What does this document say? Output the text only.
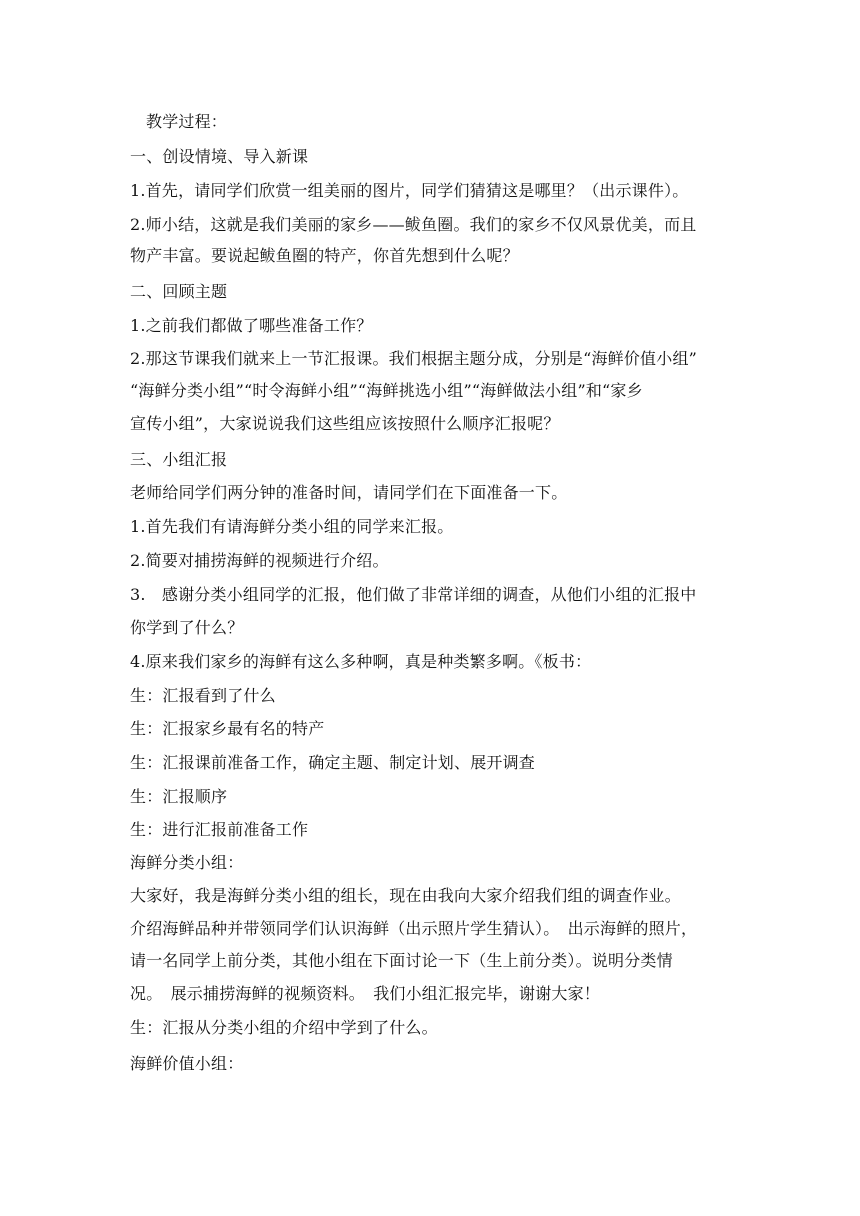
教学过程：
一、创设情境、导入新课
1.首先，请同学们欣赏一组美丽的图片，同学们猜猜这是哪里？（出示课件）。
2.师小结，这就是我们美丽的家乡——鲅鱼圈。我们的家乡不仅风景优美，而且
物产丰富。要说起鲅鱼圈的特产，你首先想到什么呢？
二、回顾主题
1.之前我们都做了哪些准备工作？
2.那这节课我们就来上一节汇报课。我们根据主题分成，分别是“海鲜价值小组”
“海鲜分类小组”“时令海鲜小组”“海鲜挑选小组”“海鲜做法小组”和“家乡
宣传小组”，大家说说我们这些组应该按照什么顺序汇报呢？
三、小组汇报
老师给同学们两分钟的准备时间，请同学们在下面准备一下。
1.首先我们有请海鲜分类小组的同学来汇报。
2.简要对捕捞海鲜的视频进行介绍。
3.　感谢分类小组同学的汇报，他们做了非常详细的调查，从他们小组的汇报中
你学到了什么？
4.原来我们家乡的海鲜有这么多种啊，真是种类繁多啊。《板书：
生：汇报看到了什么
生：汇报家乡最有名的特产
生：汇报课前准备工作，确定主题、制定计划、展开调查
生：汇报顺序
生：进行汇报前准备工作
海鲜分类小组：
大家好，我是海鲜分类小组的组长，现在由我向大家介绍我们组的调查作业。
介绍海鲜品种并带领同学们认识海鲜（出示照片学生猜认）。　出示海鲜的照片，
请一名同学上前分类，其他小组在下面讨论一下（生上前分类）。说明分类情
况。　展示捕捞海鲜的视频资料。　我们小组汇报完毕，谢谢大家！
生：汇报从分类小组的介绍中学到了什么。
海鲜价值小组：
